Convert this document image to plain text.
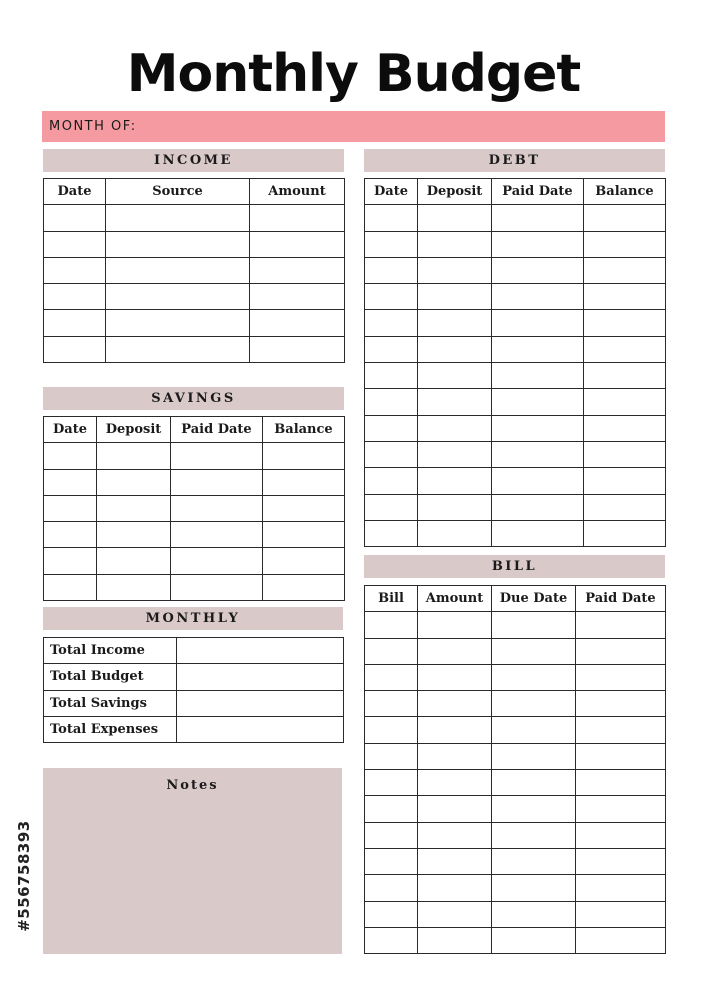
Monthly Budget
MONTH OF:
INCOME
Date	Source	Amount

SAVINGS
Date	Deposit	Paid Date	Balance

MONTHLY
Total Income	
Total Budget	
Total Savings	
Total Expenses	
Notes
DEBT
Date	Deposit	Paid Date	Balance

BILL
Bill	Amount	Due Date	Paid Date

#556758393
